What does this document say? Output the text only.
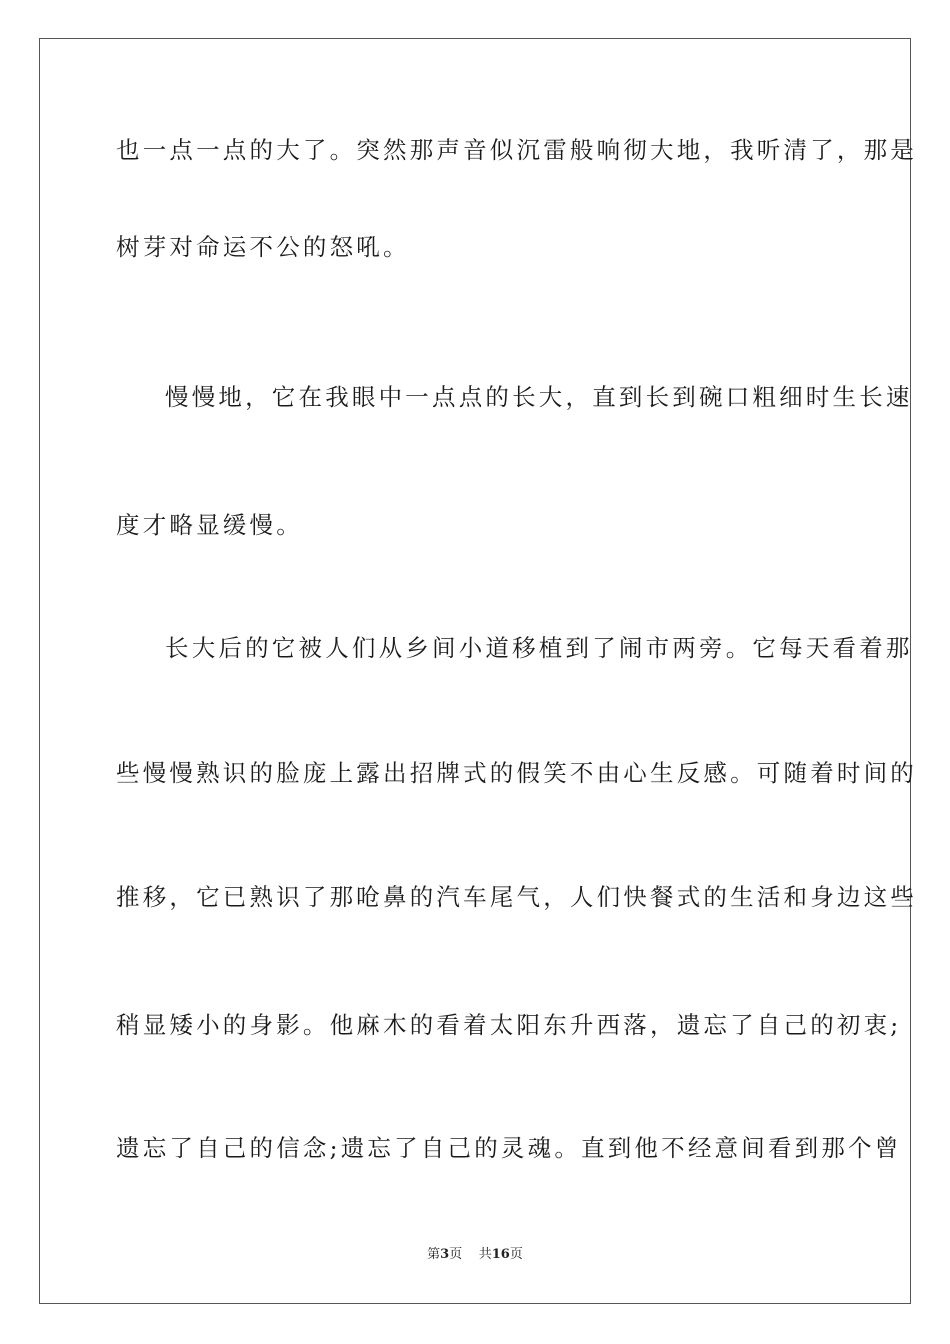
也一点一点的大了。突然那声音似沉雷般响彻大地，我听清了，那是
树芽对命运不公的怒吼。
慢慢地，它在我眼中一点点的长大，直到长到碗口粗细时生长速
度才略显缓慢。
长大后的它被人们从乡间小道移植到了闹市两旁。它每天看着那
些慢慢熟识的脸庞上露出招牌式的假笑不由心生反感。可随着时间的
推移，它已熟识了那呛鼻的汽车尾气，人们快餐式的生活和身边这些
稍显矮小的身影。他麻木的看着太阳东升西落，遗忘了自己的初衷;
遗忘了自己的信念;遗忘了自己的灵魂。直到他不经意间看到那个曾
第3页 共16页
